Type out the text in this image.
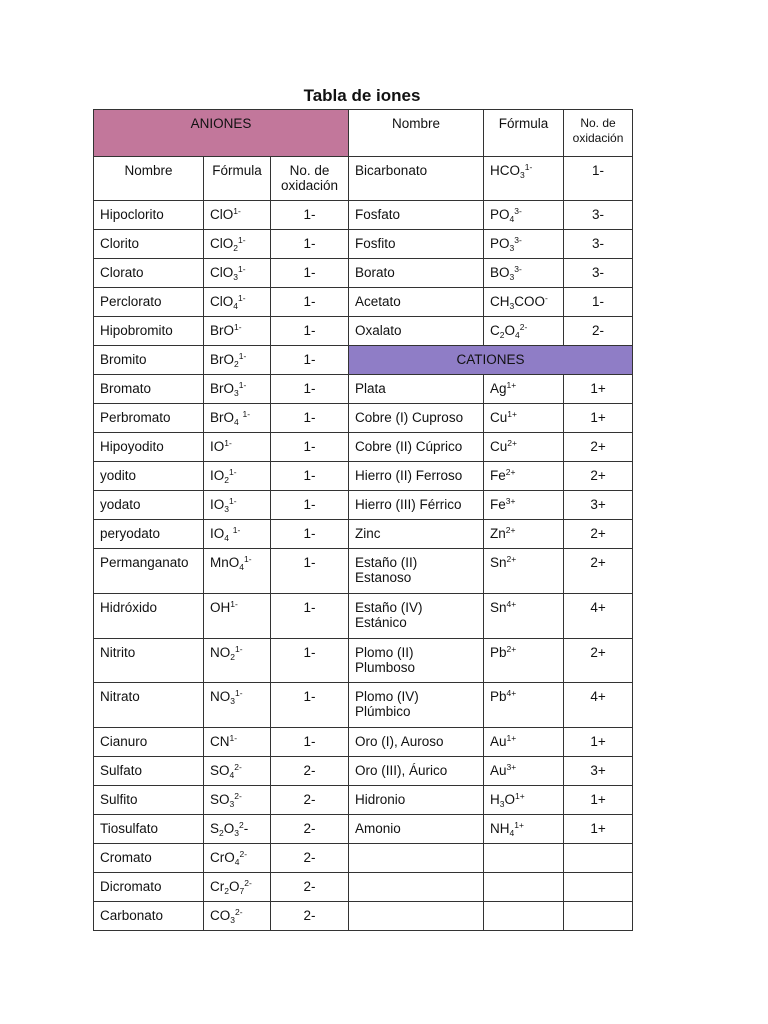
Tabla de iones
ANIONES			Nombre	Fórmula	No. de oxidación
Nombre	Fórmula	No. de oxidación	Bicarbonato	$HCO_3^{1-}$	1-
Hipoclorito	ClO$^{1-}$	1-	Fosfato	$PO_4^{3-}$	3-
Clorito	ClO$_2^{1-}$	1-	Fosfito	$PO_3^{3-}$	3-
Clorato	ClO$_3^{1-}$	1-	Borato	$BO_3^{3-}$	3-
Perclorato	ClO$_4^{1-}$	1-	Acetato	$CH_3COO^-$	1-
Hipobromito	BrO$^{1-}$	1-	Oxalato	$C_2O_4^{2-}$	2-
Bromito	BrO$_2^{1-}$	1-	CATIONES		
Bromato	BrO$_3^{1-}$	1-	Plata	$Ag^{1+}$	1+
Perbromato	BrO$_4$ $^{1-}$	1-	Cobre (I) Cuproso	$Cu^{1+}$	1+
Hipoyodito	$IO^{1-}$	1-	Cobre (II) Cúprico	$Cu^{2+}$	2+
yodito	$IO_2^{1-}$	1-	Hierro (II) Ferroso	$Fe^{2+}$	2+
yodato	$IO_3^{1-}$	1-	Hierro (III) Férrico	$Fe^{3+}$	3+
peryodato	$IO_4$ $^{1-}$	1-	Zinc	$Zn^{2+}$	2+
Permanganato	MnO$_4^{1-}$	1-	Estaño (II) Estanoso	$Sn^{2+}$	2+
Hidróxido	$OH^{1-}$	1-	Estaño (IV) Estánico	$Sn^{4+}$	4+
Nitrito	$NO_2^{1-}$	1-	Plomo (II) Plumboso	$Pb^{2+}$	2+
Nitrato	$NO_3^{1-}$	1-	Plomo (IV) Plúmbico	$Pb^{4+}$	4+
Cianuro	$CN^{1-}$	1-	Oro (I), Auroso	$Au^{1+}$	1+
Sulfato	$SO_4^{2-}$	2-	Oro (III), Áurico	$Au^{3+}$	3+
Sulfito	$SO_3^{2-}$	2-	Hidronio	$H_3O^{1+}$	1+
Tiosulfato	$S_2O_3^2-$	2-	Amonio	$NH_4^{1+}$	1+
Cromato	CrO$_4^{2-}$	2-			
Dicromato	$Cr_2O_7^{2-}$	2-			
Carbonato	$CO_3^{2-}$	2-			
